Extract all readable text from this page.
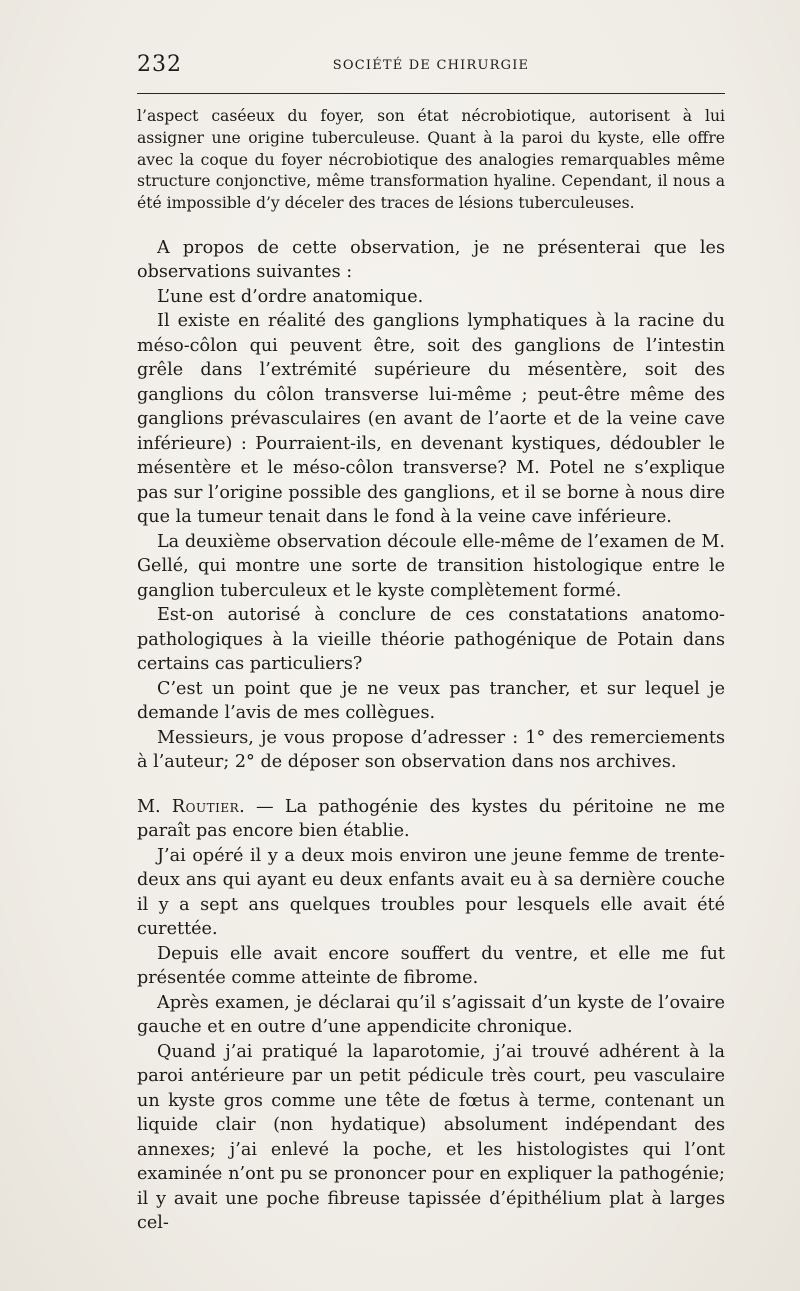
232	SOCIÉTÉ DE CHIRURGIE

l’aspect caséeux du foyer, son état nécrobiotique, autorisent à lui assigner une origine tuberculeuse. Quant à la paroi du kyste, elle offre avec la coque du foyer nécrobiotique des analogies remarquables même structure conjonctive, même transformation hyaline. Cependant, il nous a été impossible d’y déceler des traces de lésions tuberculeuses.

A propos de cette observation, je ne présenterai que les observations suivantes :

L’une est d’ordre anatomique.

Il existe en réalité des ganglions lymphatiques à la racine du méso-côlon qui peuvent être, soit des ganglions de l’intestin grêle dans l’extrémité supérieure du mésentère, soit des ganglions du côlon transverse lui-même ; peut-être même des ganglions prévasculaires (en avant de l’aorte et de la veine cave inférieure) : Pourraient-ils, en devenant kystiques, dédoubler le mésentère et le méso-côlon transverse? M. Potel ne s’explique pas sur l’origine possible des ganglions, et il se borne à nous dire que la tumeur tenait dans le fond à la veine cave inférieure.

La deuxième observation découle elle-même de l’examen de M. Gellé, qui montre une sorte de transition histologique entre le ganglion tuberculeux et le kyste complètement formé.

Est-on autorisé à conclure de ces constatations anatomo-pathologiques à la vieille théorie pathogénique de Potain dans certains cas particuliers?

C’est un point que je ne veux pas trancher, et sur lequel je demande l’avis de mes collègues.

Messieurs, je vous propose d’adresser : 1° des remerciements à l’auteur; 2° de déposer son observation dans nos archives.

M. Routier. — La pathogénie des kystes du péritoine ne me paraît pas encore bien établie.

J’ai opéré il y a deux mois environ une jeune femme de trente-deux ans qui ayant eu deux enfants avait eu à sa dernière couche il y a sept ans quelques troubles pour lesquels elle avait été curettée.

Depuis elle avait encore souffert du ventre, et elle me fut présentée comme atteinte de fibrome.

Après examen, je déclarai qu’il s’agissait d’un kyste de l’ovaire gauche et en outre d’une appendicite chronique.

Quand j’ai pratiqué la laparotomie, j’ai trouvé adhérent à la paroi antérieure par un petit pédicule très court, peu vasculaire un kyste gros comme une tête de fœtus à terme, contenant un liquide clair (non hydatique) absolument indépendant des annexes; j’ai enlevé la poche, et les histologistes qui l’ont examinée n’ont pu se prononcer pour en expliquer la pathogénie; il y avait une poche fibreuse tapissée d’épithélium plat à larges cel-
